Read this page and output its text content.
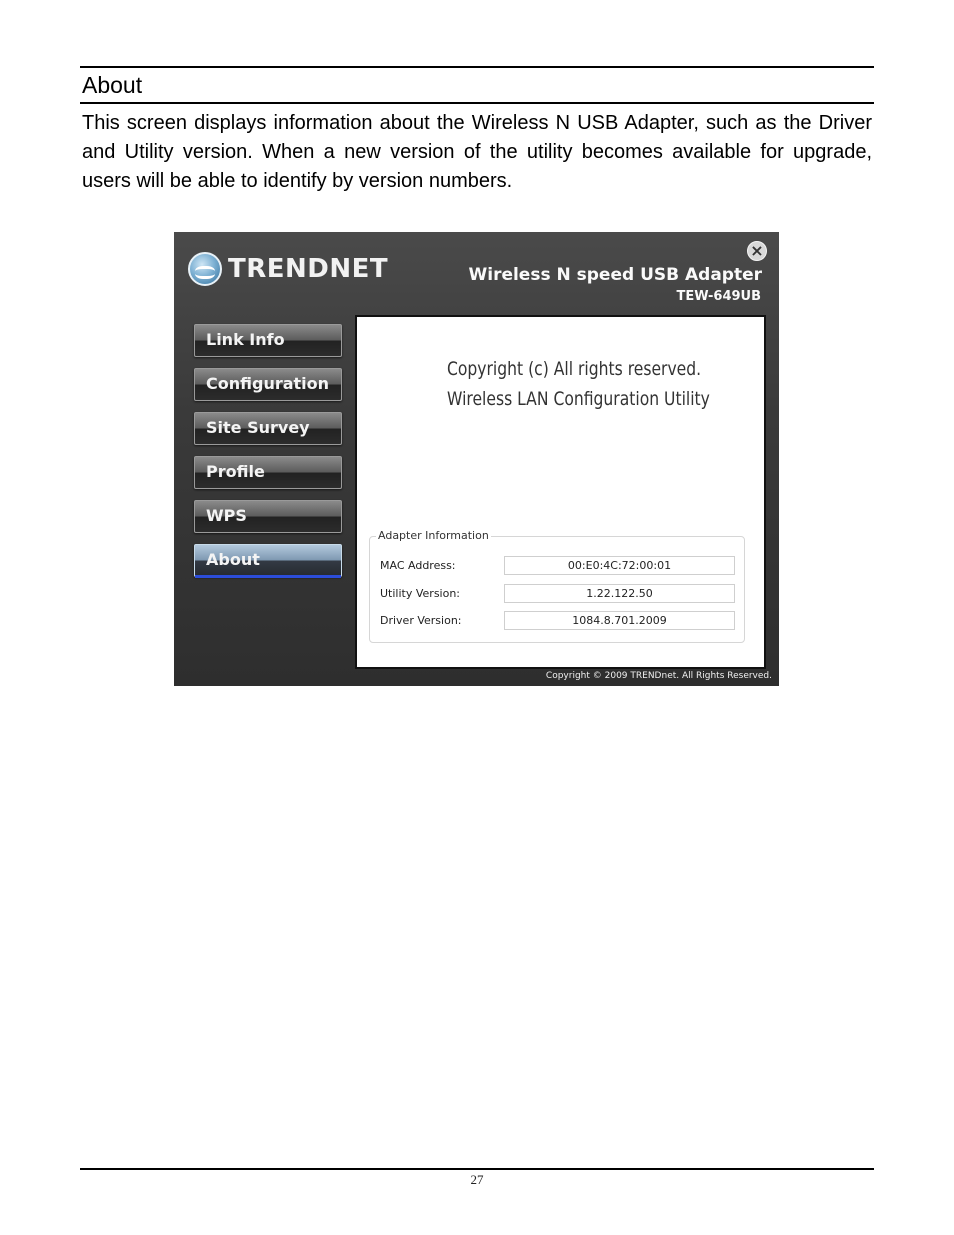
About

This screen displays information about the Wireless N USB Adapter, such as the Driver and Utility version. When a new version of the utility becomes available for upgrade, users will be able to identify by version numbers.

TRENDNET
×
Wireless N speed USB Adapter
TEW-649UB
Link Info
Configuration
Site Survey
Profile
WPS
About
Copyright (c) All rights reserved.
Wireless LAN Configuration Utility
Adapter Information
MAC Address:	00:E0:4C:72:00:01
Utility Version:	1.22.122.50
Driver Version:	1084.8.701.2009
Copyright © 2009 TRENDnet. All Rights Reserved.
27
